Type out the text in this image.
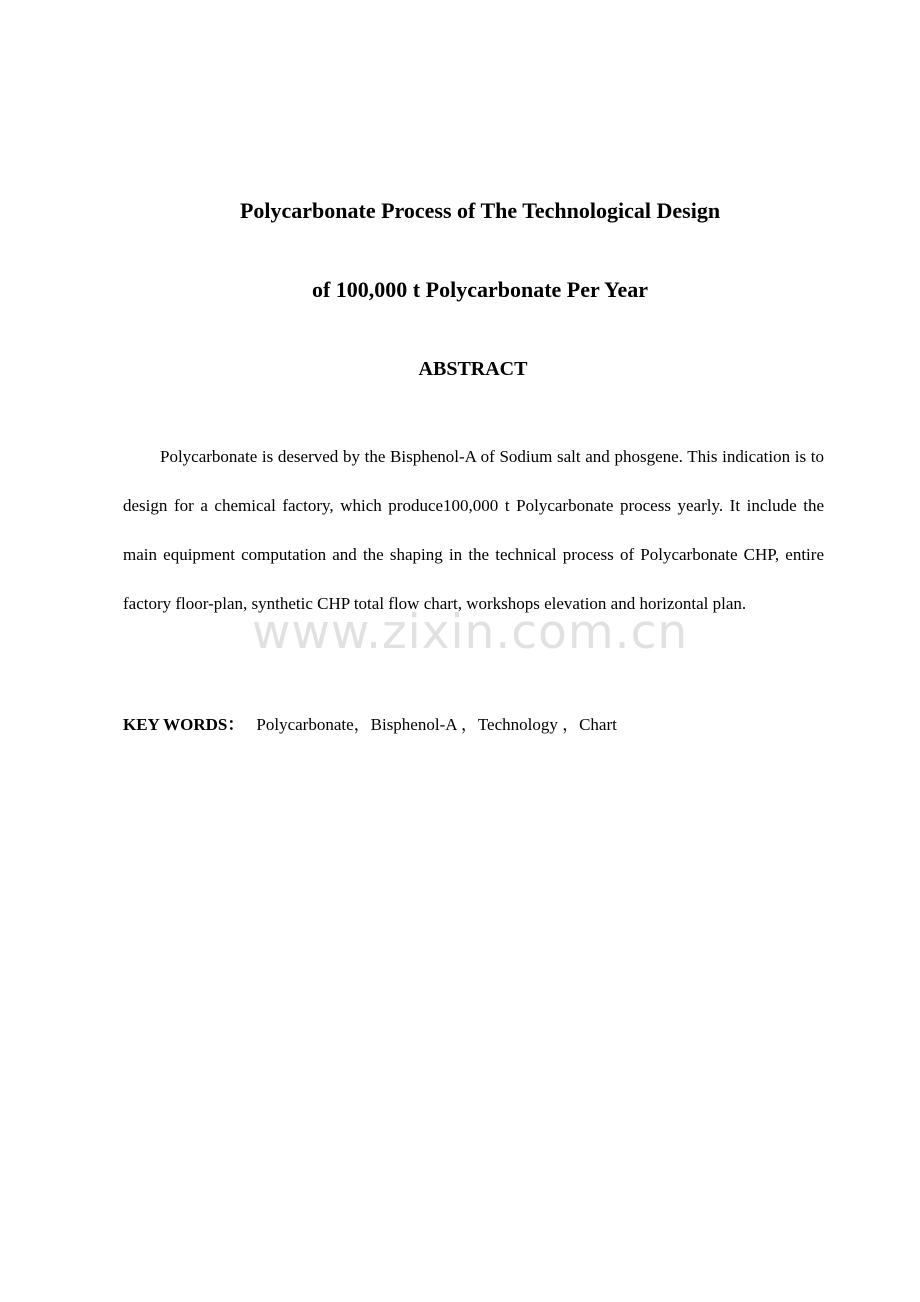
Polycarbonate Process of The Technological Design
of 100,000 t Polycarbonate Per Year
ABSTRACT

Polycarbonate is deserved by the Bisphenol-A of Sodium salt and phosgene. This indication is to design for a chemical factory, which produce100,000 t Polycarbonate process yearly. It include the main equipment computation and the shaping in the technical process of Polycarbonate CHP, entire factory floor-plan, synthetic CHP total flow chart, workshops elevation and horizontal plan.

KEY WORDS： Polycarbonate，Bisphenol-A ，Technology ，Chart

www.zixin.com.cn
